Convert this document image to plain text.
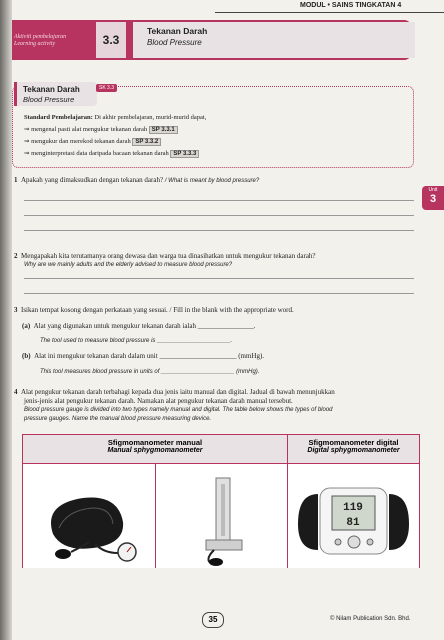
MODUL • SAINS TINGKATAN 4
Aktiviti pembelajaran
Learning activity	3.3
Tekanan Darah
Blood Pressure
Tekanan Darah
Blood Pressure
SK 3.3
Standard Pembelajaran: Di akhir pembelajaran, murid-murid dapat,
⇒ mengenal pasti alat mengukur tekanan darah SP 3.3.1
⇒ mengukur dan merekod tekanan darah SP 3.3.2
⇒ menginterpretasi data daripada bacaan tekanan darah SP 3.3.3
1 Apakah yang dimaksudkan dengan tekanan darah? / What is meant by blood pressure?
Unit
3
2 Mengapakah kita terutamanya orang dewasa dan warga tua dinasihatkan untuk mengukur tekanan darah?
Why are we mainly adults and the elderly advised to measure blood pressure?
3 Isikan tempat kosong dengan perkataan yang sesuai. / Fill in the blank with the appropriate word.
(a) Alat yang digunakan untuk mengukur tekanan darah ialah ________________.
The tool used to measure blood pressure is ______________________.
(b) Alat ini mengukur tekanan darah dalam unit ______________________ (mmHg).
This tool measures blood pressure in units of ______________________ (mmHg).
4 Alat pengukur tekanan darah terbahagi kepada dua jenis iaitu manual dan digital. Jadual di bawah menunjukkan
jenis-jenis alat pengukur tekanan darah. Namakan alat pengukur tekanan darah manual tersebut.
Blood pressure gauge is divided into two types namely manual and digital. The table below shows the types of blood
pressure gauges. Name the manual blood pressure measuring device.
Sfigmomanometer manual
Manual sphygmomanometer
Sfigmomanometer digital
Digital sphygmomanometer
119
81
35	© Nilam Publication Sdn. Bhd.
